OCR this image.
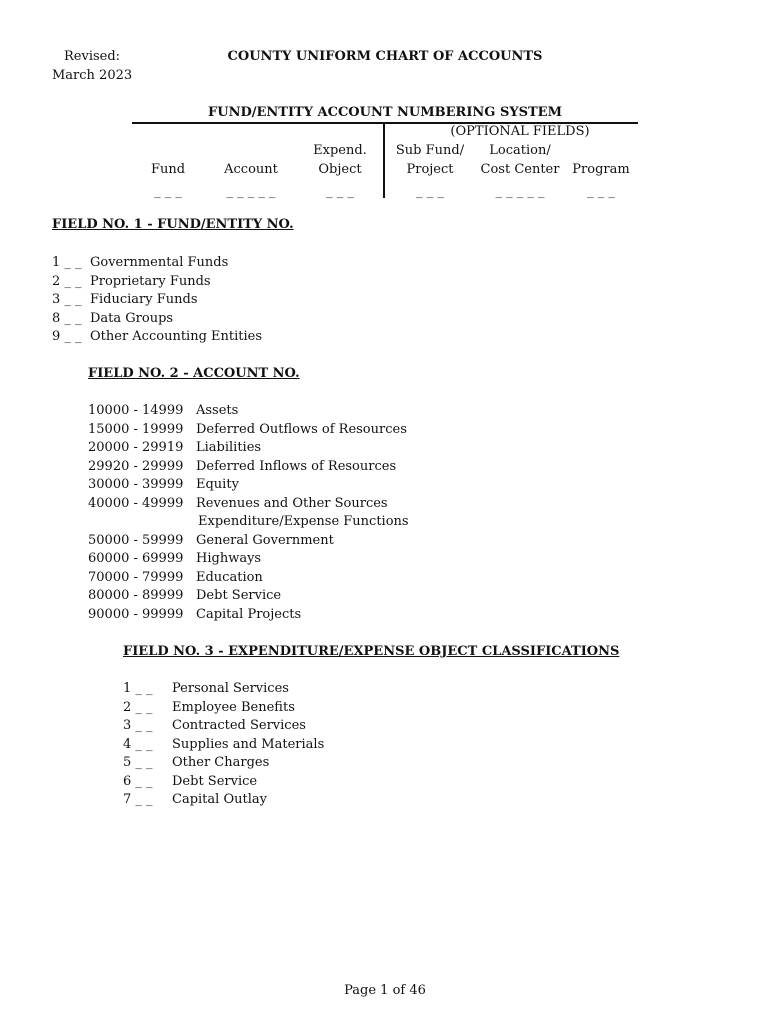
Revised:
March 2023
COUNTY UNIFORM CHART OF ACCOUNTS
FUND/ENTITY ACCOUNT NUMBERING SYSTEM
(OPTIONAL FIELDS)
Fund
_ _ _
Account
_ _ _ _ _
Expend.
Object
_ _ _
Sub Fund/
Project
_ _ _
Location/
Cost Center
_ _ _ _ _
Program
_ _ _
FIELD NO. 1 - FUND/ENTITY NO.
1 _ _ Governmental Funds
2 _ _ Proprietary Funds
3 _ _ Fiduciary Funds
8 _ _ Data Groups
9 _ _ Other Accounting Entities
FIELD NO. 2 - ACCOUNT NO.
10000 - 14999 Assets
15000 - 19999 Deferred Outflows of Resources
20000 - 29919 Liabilities
29920 - 29999 Deferred Inflows of Resources
30000 - 39999 Equity
40000 - 49999 Revenues and Other Sources
Expenditure/Expense Functions
50000 - 59999 General Government
60000 - 69999 Highways
70000 - 79999 Education
80000 - 89999 Debt Service
90000 - 99999 Capital Projects
FIELD NO. 3 - EXPENDITURE/EXPENSE OBJECT CLASSIFICATIONS
1 _ _ Personal Services
2 _ _ Employee Benefits
3 _ _ Contracted Services
4 _ _ Supplies and Materials
5 _ _ Other Charges
6 _ _ Debt Service
7 _ _ Capital Outlay
Page 1 of 46
